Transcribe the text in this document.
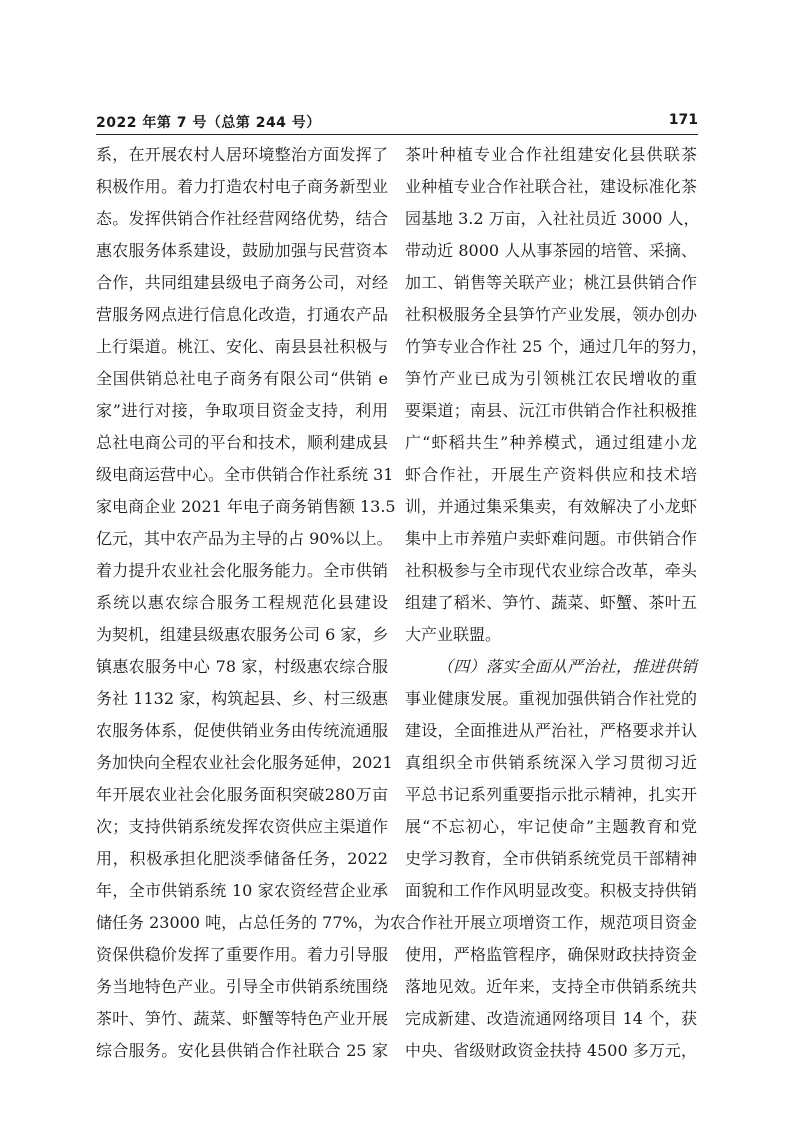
2022 年第 7 号（总第 244 号）	171
系，在开展农村人居环境整治方面发挥了
积极作用。着力打造农村电子商务新型业
态。发挥供销合作社经营网络优势，结合
惠农服务体系建设，鼓励加强与民营资本
合作，共同组建县级电子商务公司，对经
营服务网点进行信息化改造，打通农产品
上行渠道。桃江、安化、南县县社积极与
全国供销总社电子商务有限公司“供销 e
家”进行对接，争取项目资金支持，利用
总社电商公司的平台和技术，顺利建成县
级电商运营中心。全市供销合作社系统 31
家电商企业 2021 年电子商务销售额 13.5
亿元，其中农产品为主导的占 90%以上。
着力提升农业社会化服务能力。全市供销
系统以惠农综合服务工程规范化县建设
为契机，组建县级惠农服务公司 6 家，乡
镇惠农服务中心 78 家，村级惠农综合服
务社 1132 家，构筑起县、乡、村三级惠
农服务体系，促使供销业务由传统流通服
务加快向全程农业社会化服务延伸，2021
年开展农业社会化服务面积突破280万亩
次；支持供销系统发挥农资供应主渠道作
用，积极承担化肥淡季储备任务，2022
年，全市供销系统 10 家农资经营企业承
储任务 23000 吨，占总任务的 77%，为农
资保供稳价发挥了重要作用。着力引导服
务当地特色产业。引导全市供销系统围绕
茶叶、笋竹、蔬菜、虾蟹等特色产业开展
综合服务。安化县供销合作社联合 25 家
茶叶种植专业合作社组建安化县供联茶
业种植专业合作社联合社，建设标准化茶
园基地 3.2 万亩，入社社员近 3000 人，
带动近 8000 人从事茶园的培管、采摘、
加工、销售等关联产业；桃江县供销合作
社积极服务全县笋竹产业发展，领办创办
竹笋专业合作社 25 个，通过几年的努力，
笋竹产业已成为引领桃江农民增收的重
要渠道；南县、沅江市供销合作社积极推
广“虾稻共生”种养模式，通过组建小龙
虾合作社，开展生产资料供应和技术培
训，并通过集采集卖，有效解决了小龙虾
集中上市养殖户卖虾难问题。市供销合作
社积极参与全市现代农业综合改革，牵头
组建了稻米、笋竹、蔬菜、虾蟹、茶叶五
大产业联盟。
（四）落实全面从严治社，推进供销
事业健康发展。重视加强供销合作社党的
建设，全面推进从严治社，严格要求并认
真组织全市供销系统深入学习贯彻习近
平总书记系列重要指示批示精神，扎实开
展“不忘初心，牢记使命”主题教育和党
史学习教育，全市供销系统党员干部精神
面貌和工作作风明显改变。积极支持供销
合作社开展立项增资工作，规范项目资金
使用，严格监管程序，确保财政扶持资金
落地见效。近年来，支持全市供销系统共
完成新建、改造流通网络项目 14 个，获
中央、省级财政资金扶持 4500 多万元，
